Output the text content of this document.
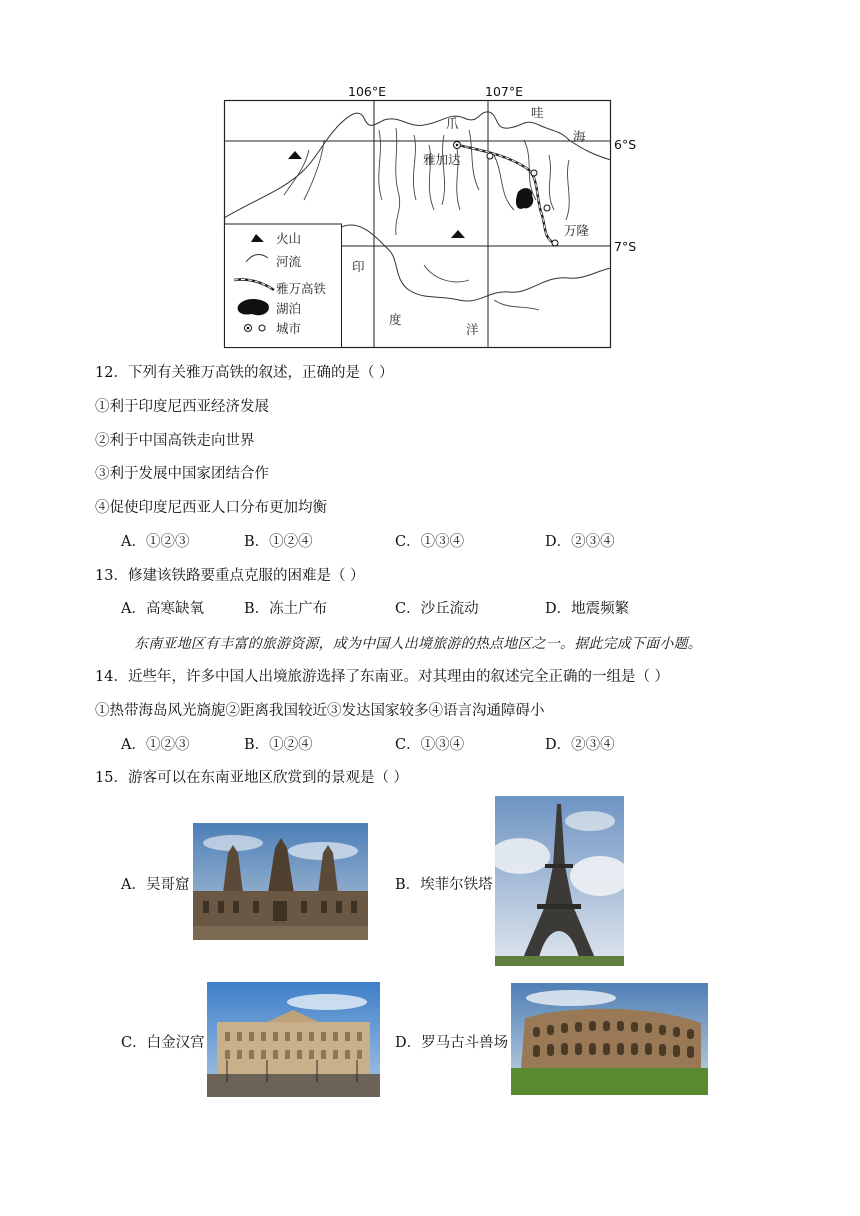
爪
哇
海
雅加达
万隆
印
度
洋
火山
河流
雅万高铁
湖泊
城市
106°E	107°E
6°S
7°S
12．下列有关雅万高铁的叙述，正确的是（ ）
①利于印度尼西亚经济发展
②利于中国高铁走向世界
③利于发展中国家团结合作
④促使印度尼西亚人口分布更加均衡
A．①②③	B．①②④	C．①③④	D．②③④
13．修建该铁路要重点克服的困难是（ ）
A．高寒缺氧	B．冻土广布	C．沙丘流动	D．地震频繁
东南亚地区有丰富的旅游资源，成为中国人出境旅游的热点地区之一。据此完成下面小题。
14．近些年，许多中国人出境旅游选择了东南亚。对其理由的叙述完全正确的一组是（ ）
①热带海岛风光旖旎②距离我国较近③发达国家较多④语言沟通障碍小
A．①②③	B．①②④	C．①③④	D．②③④
15．游客可以在东南亚地区欣赏到的景观是（ ）
A．吴哥窟	B．埃菲尔铁塔
C．白金汉宫	D．罗马古斗兽场
